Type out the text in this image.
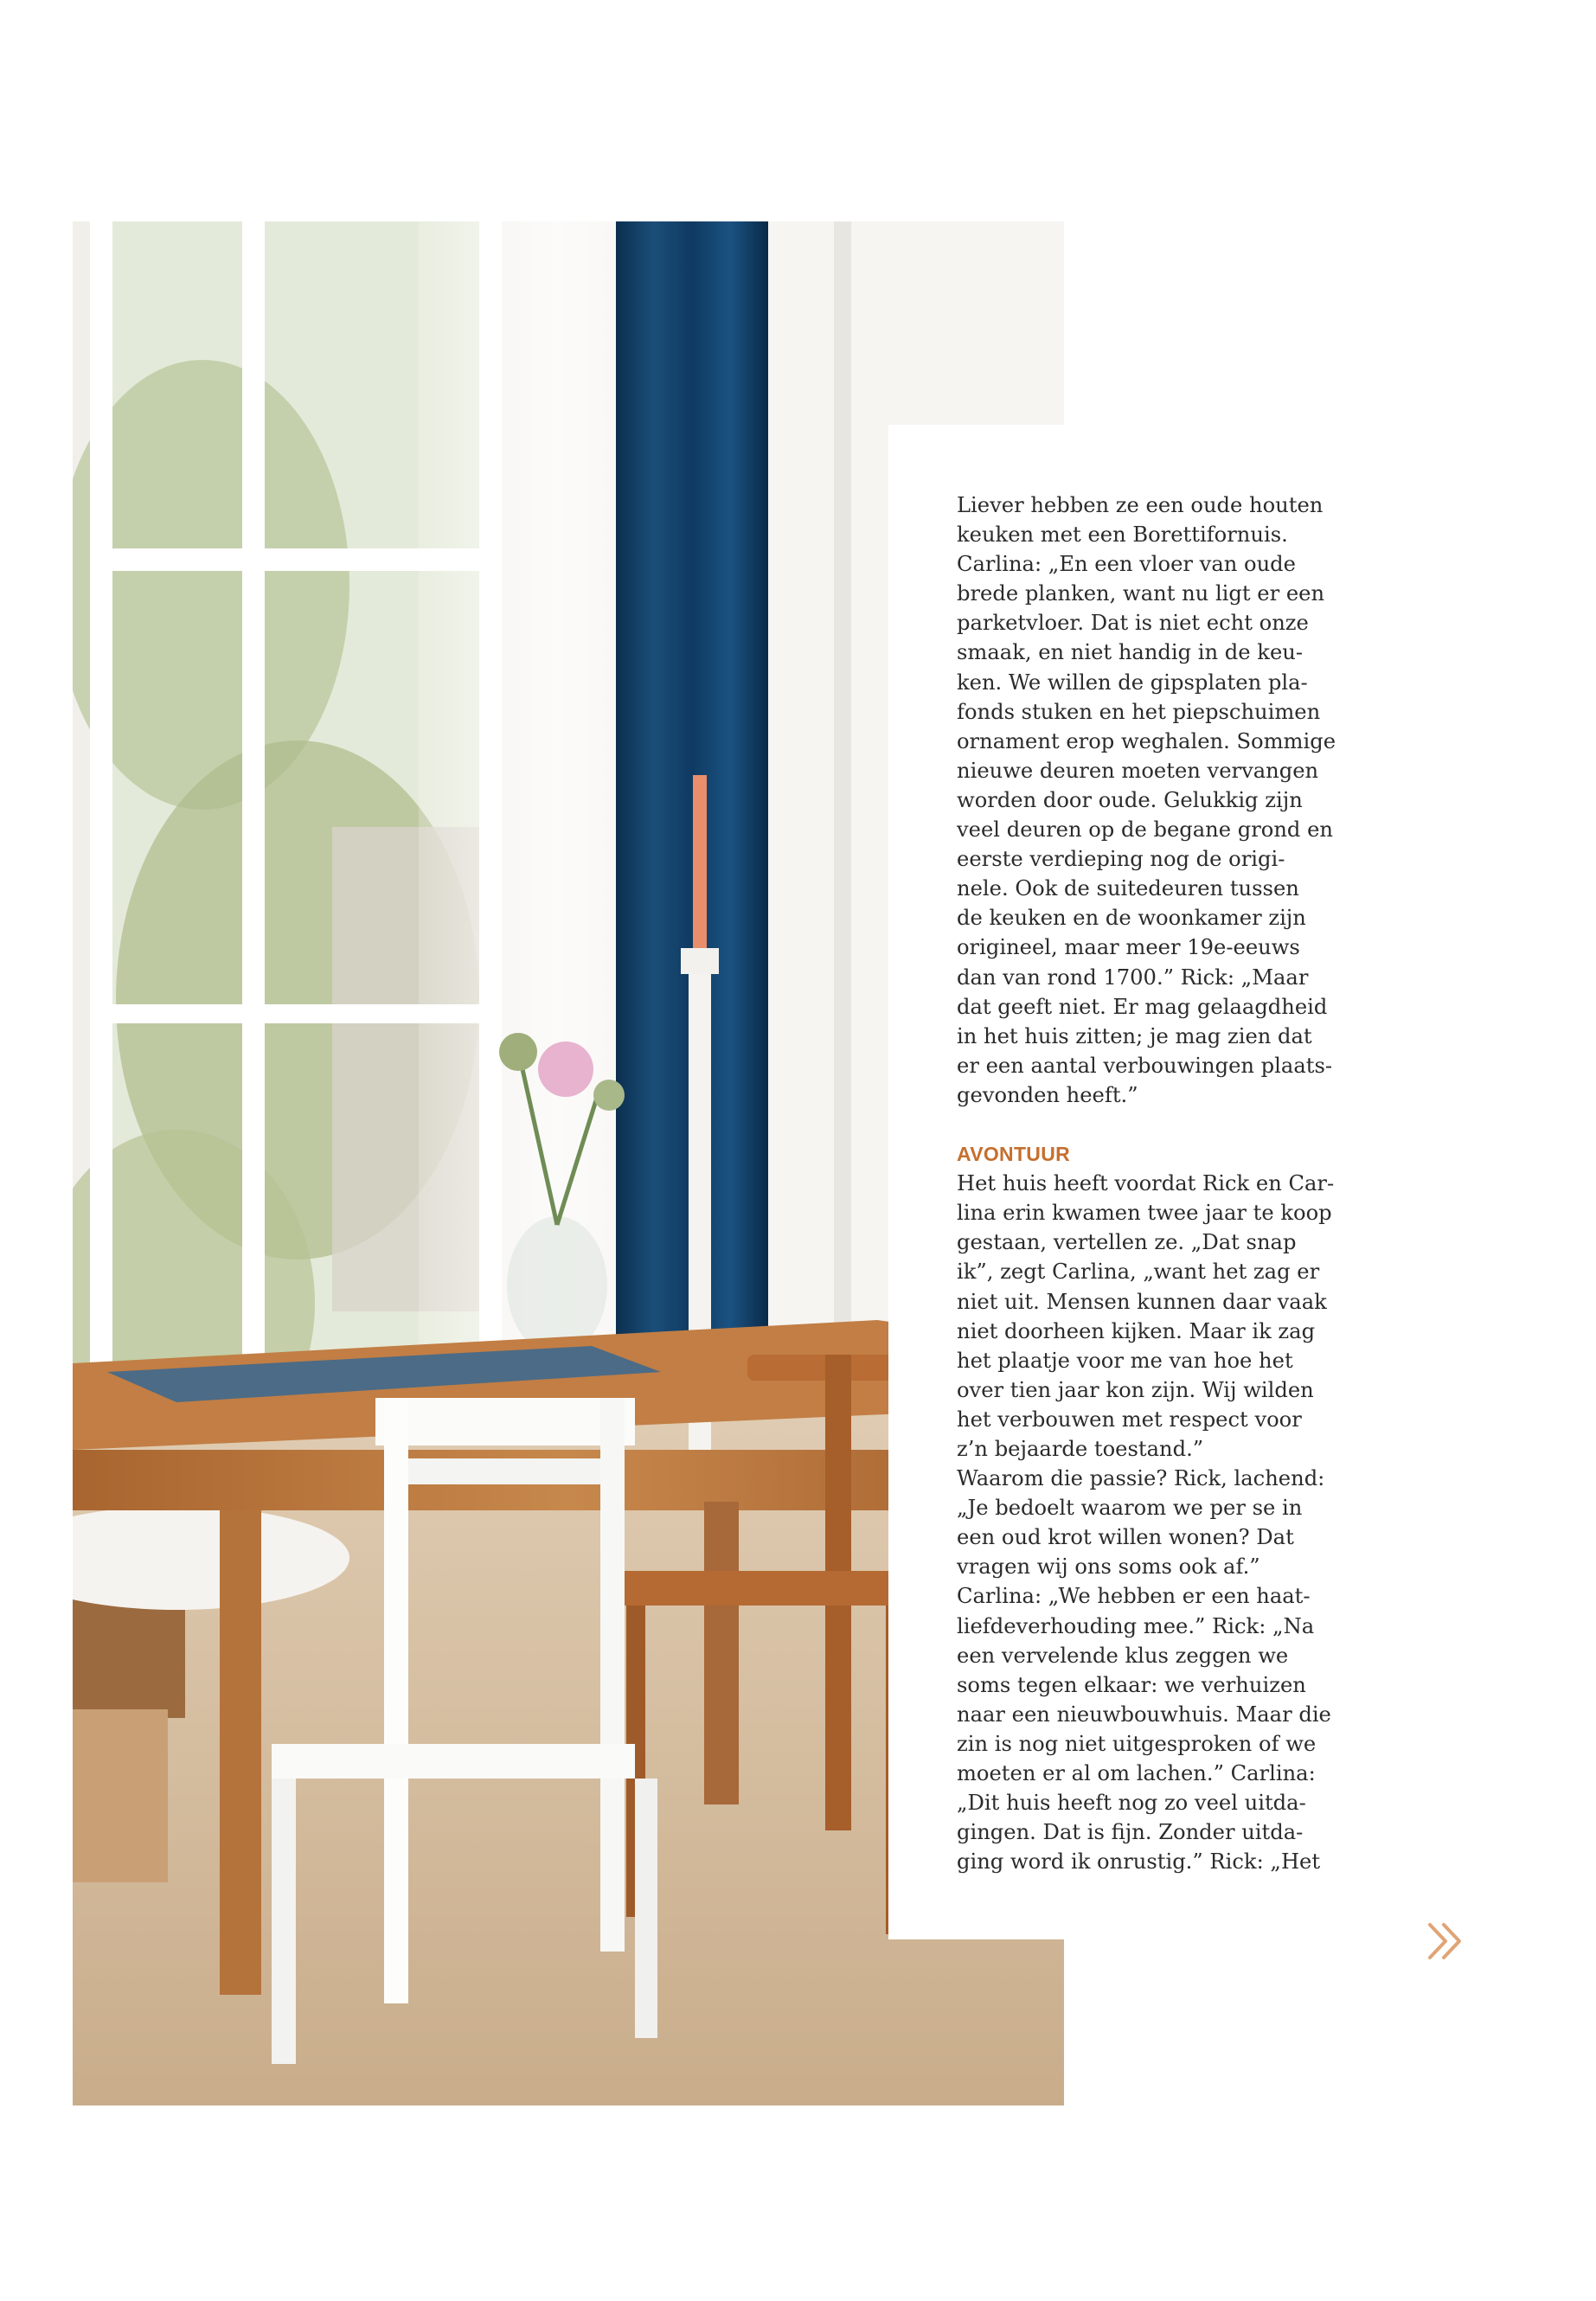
Liever hebben ze een oude houten
keuken met een Borettifornuis.
Carlina: „En een vloer van oude
brede planken, want nu ligt er een
parketvloer. Dat is niet echt onze
smaak, en niet handig in de keu-
ken. We willen de gipsplaten pla-
fonds stuken en het piepschuimen
ornament erop weghalen. Sommige
nieuwe deuren moeten vervangen
worden door oude. Gelukkig zijn
veel deuren op de begane grond en
eerste verdieping nog de origi-
nele. Ook de suitedeuren tussen
de keuken en de woonkamer zijn
origineel, maar meer 19e-eeuws
dan van rond 1700.” Rick: „Maar
dat geeft niet. Er mag gelaagdheid
in het huis zitten; je mag zien dat
er een aantal verbouwingen plaats-
gevonden heeft.”

AVONTUUR

Het huis heeft voordat Rick en Car-
lina erin kwamen twee jaar te koop
gestaan, vertellen ze. „Dat snap
ik”, zegt Carlina, „want het zag er
niet uit. Mensen kunnen daar vaak
niet doorheen kijken. Maar ik zag
het plaatje voor me van hoe het
over tien jaar kon zijn. Wij wilden
het verbouwen met respect voor
z’n bejaarde toestand.”

Waarom die passie? Rick, lachend:
„Je bedoelt waarom we per se in
een oud krot willen wonen? Dat
vragen wij ons soms ook af.”
Carlina: „We hebben er een haat-
liefdeverhouding mee.” Rick: „Na
een vervelende klus zeggen we
soms tegen elkaar: we verhuizen
naar een nieuwbouwhuis. Maar die
zin is nog niet uitgesproken of we
moeten er al om lachen.” Carlina:
„Dit huis heeft nog zo veel uitda-
gingen. Dat is fijn. Zonder uitda-
ging word ik onrustig.” Rick: „Het
